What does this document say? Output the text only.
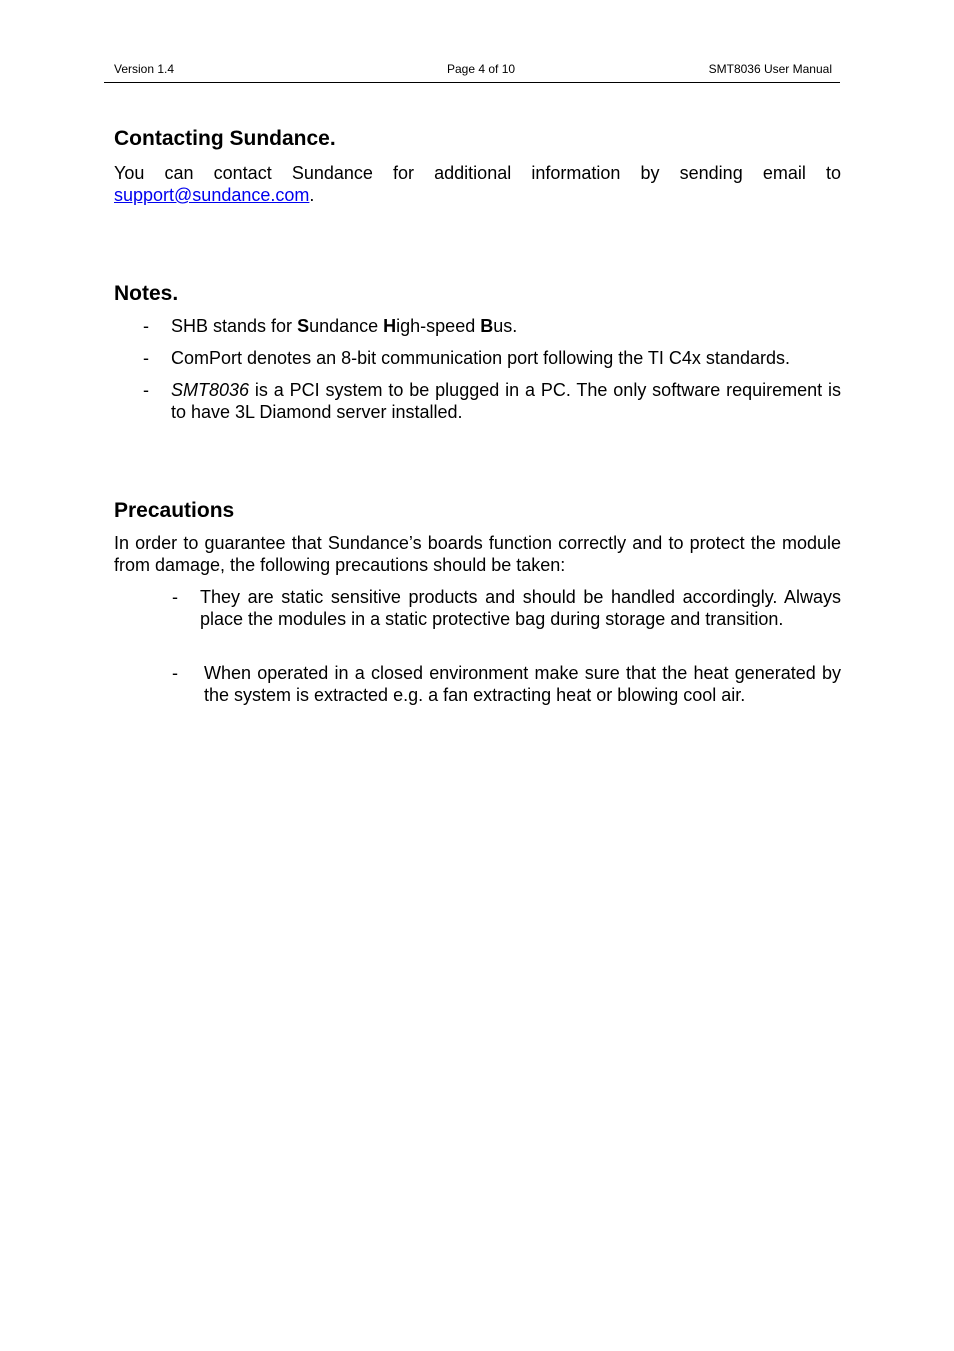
Version 1.4	Page 4 of 10	SMT8036 User Manual
Contacting Sundance.
You can contact Sundance for additional information by sending email to
support@sundance.com.
Notes.
- SHB stands for Sundance High-speed Bus.
- ComPort denotes an 8-bit communication port following the TI C4x standards.
- SMT8036 is a PCI system to be plugged in a PC. The only software requirement is to have 3L Diamond server installed.
Precautions
In order to guarantee that Sundance’s boards function correctly and to protect the module from damage, the following precautions should be taken:
- They are static sensitive products and should be handled accordingly. Always place the modules in a static protective bag during storage and transition.
- When operated in a closed environment make sure that the heat generated by the system is extracted e.g. a fan extracting heat or blowing cool air.
